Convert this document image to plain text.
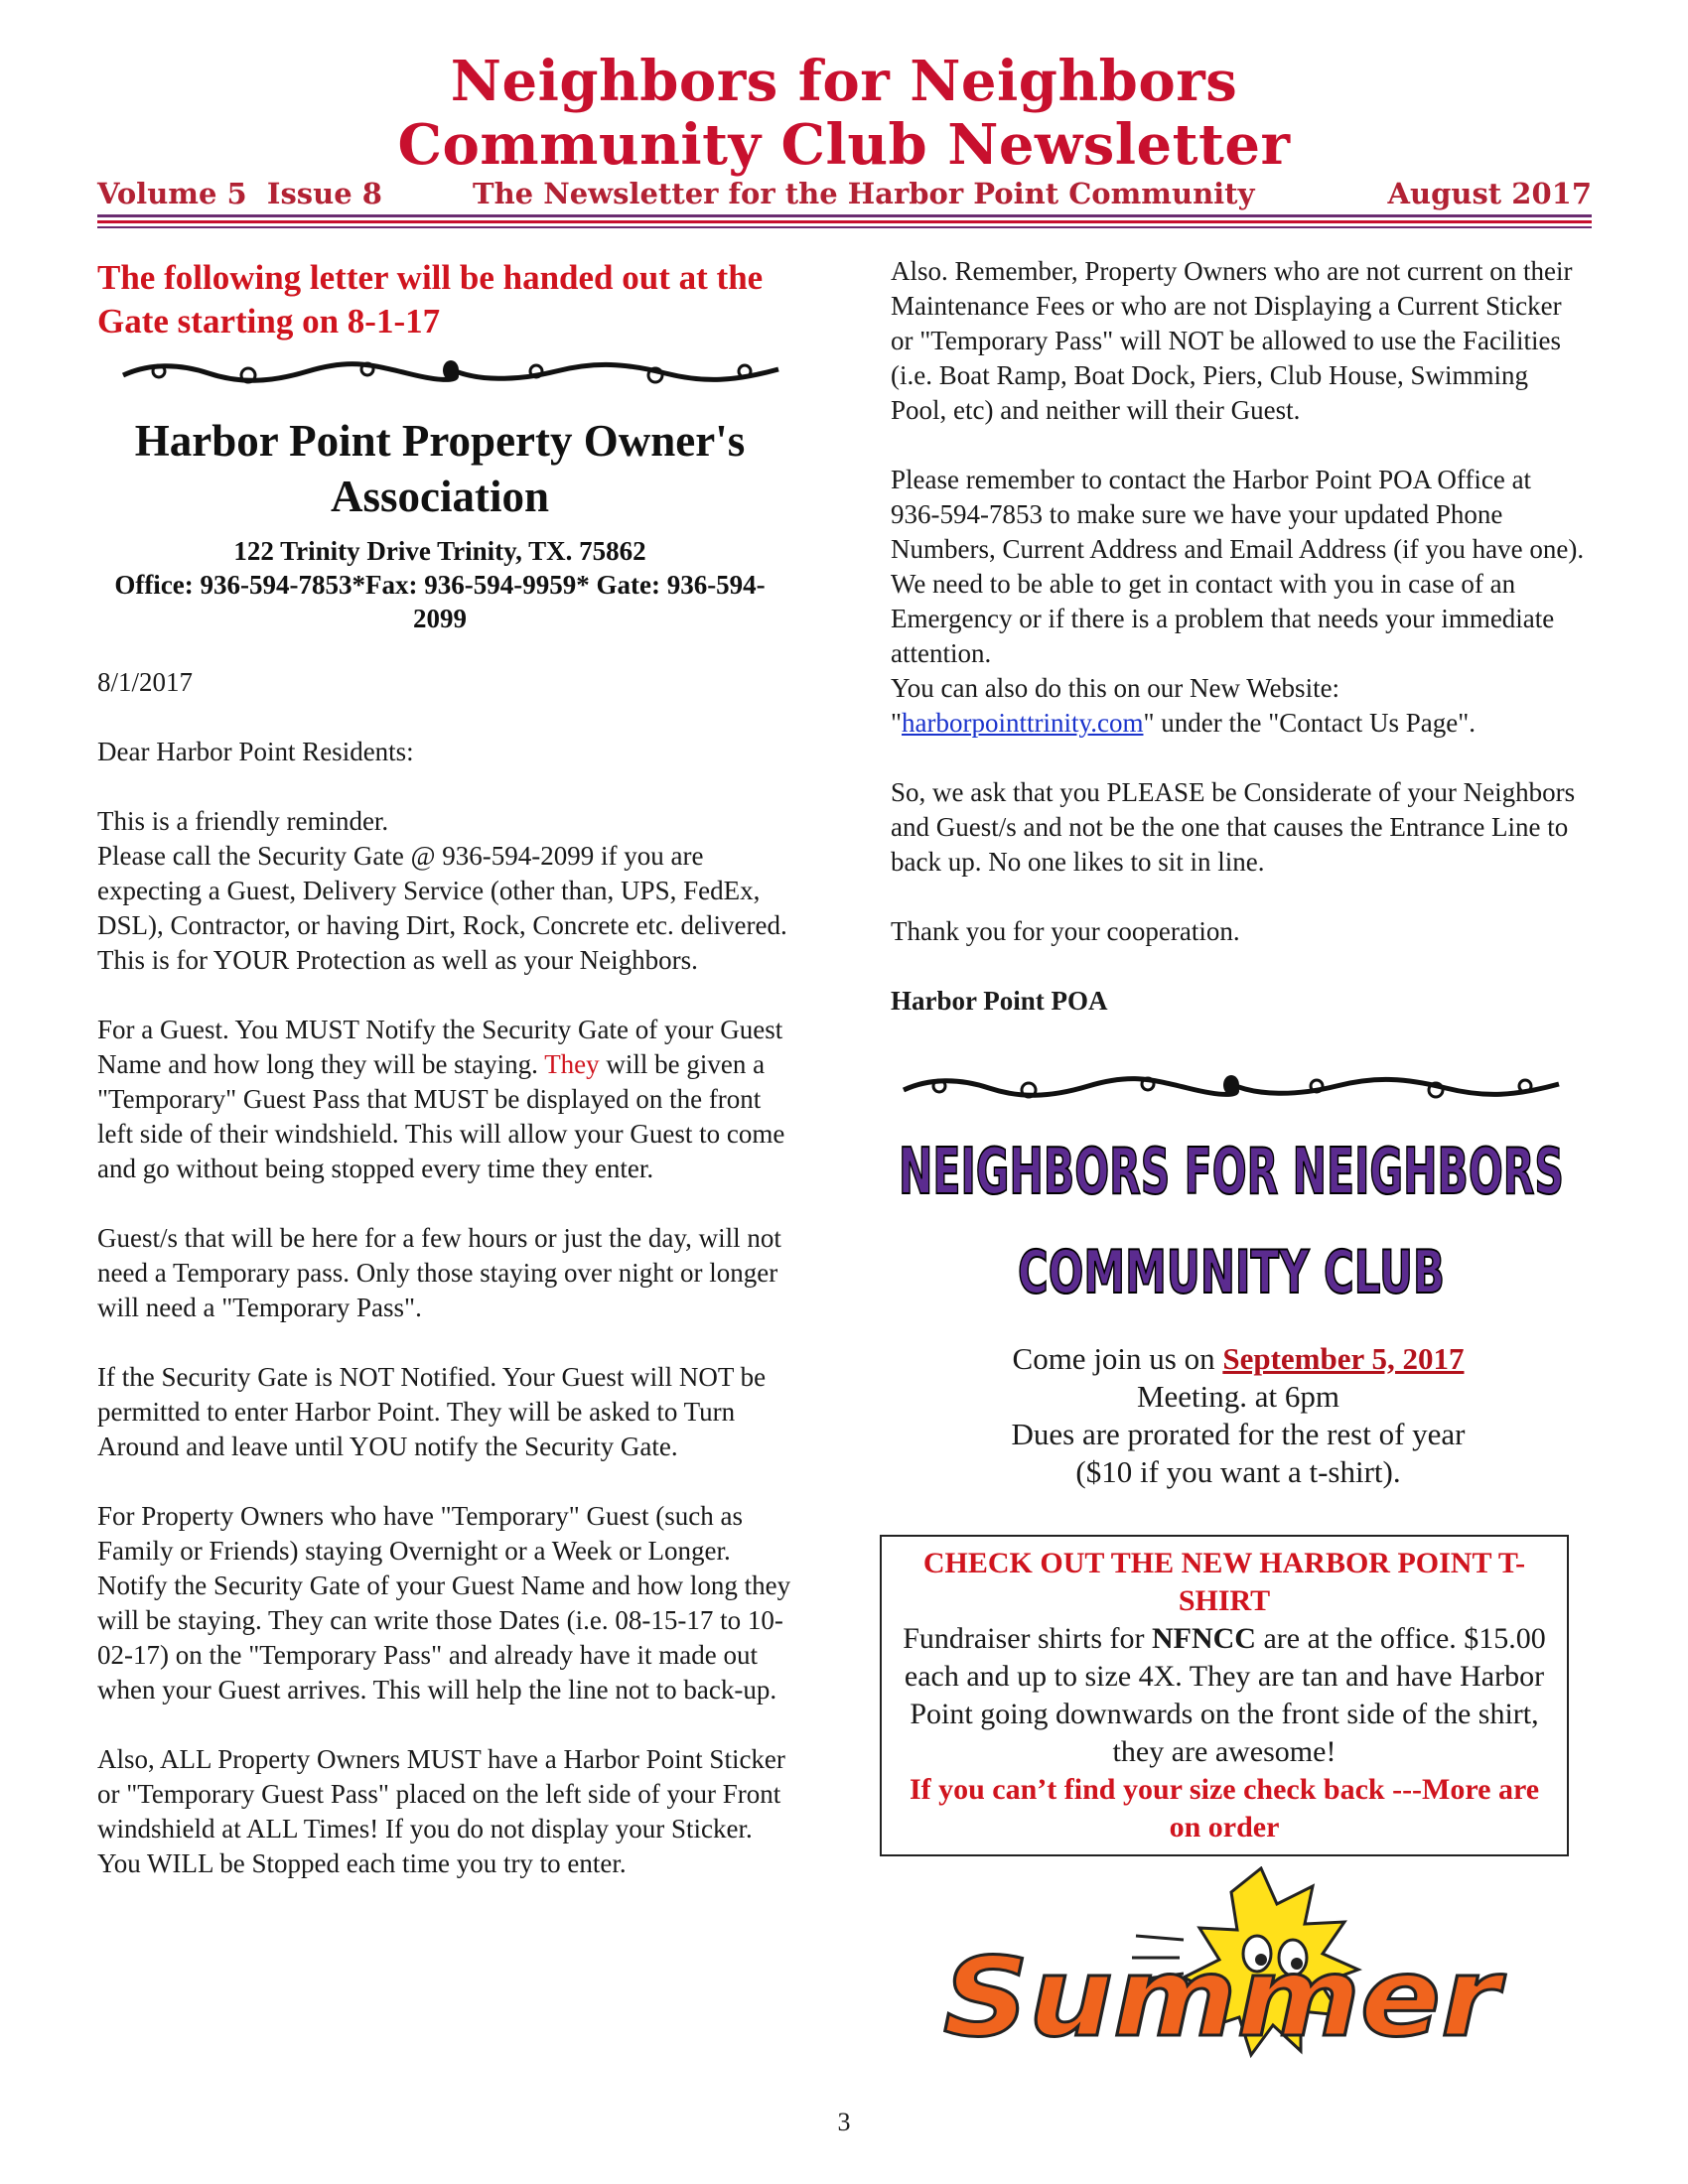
Neighbors for Neighbors
Community Club Newsletter
Volume 5 Issue 8	The Newsletter for the Harbor Point Community	August 2017
The following letter will be handed out at the Gate starting on 8-1-17
Harbor Point Property Owner's
Association
122 Trinity Drive Trinity, TX. 75862
Office: 936-594-7853*Fax: 936-594-9959* Gate: 936-594-2099

8/1/2017

Dear Harbor Point Residents:

This is a friendly reminder.

Please call the Security Gate @ 936-594-2099 if you are expecting a Guest, Delivery Service (other than, UPS, FedEx, DSL), Contractor, or having Dirt, Rock, Concrete etc. delivered. This is for YOUR Protection as well as your Neighbors.

For a Guest. You MUST Notify the Security Gate of your Guest Name and how long they will be staying. They will be given a "Temporary" Guest Pass that MUST be displayed on the front left side of their windshield. This will allow your Guest to come and go without being stopped every time they enter.

Guest/s that will be here for a few hours or just the day, will not need a Temporary pass. Only those staying over night or longer will need a "Temporary Pass".

If the Security Gate is NOT Notified. Your Guest will NOT be permitted to enter Harbor Point. They will be asked to Turn Around and leave until YOU notify the Security Gate.

For Property Owners who have "Temporary" Guest (such as Family or Friends) staying Overnight or a Week or Longer. Notify the Security Gate of your Guest Name and how long they will be staying. They can write those Dates (i.e. 08-15-17 to 10-02-17) on the "Temporary Pass" and already have it made out when your Guest arrives. This will help the line not to back-up.

Also, ALL Property Owners MUST have a Harbor Point Sticker or "Temporary Guest Pass" placed on the left side of your Front windshield at ALL Times! If you do not display your Sticker. You WILL be Stopped each time you try to enter.

Also. Remember, Property Owners who are not current on their Maintenance Fees or who are not Displaying a Current Sticker or "Temporary Pass" will NOT be allowed to use the Facilities (i.e. Boat Ramp, Boat Dock, Piers, Club House, Swimming Pool, etc) and neither will their Guest.

Please remember to contact the Harbor Point POA Office at 936-594-7853 to make sure we have your updated Phone Numbers, Current Address and Email Address (if you have one). We need to be able to get in contact with you in case of an Emergency or if there is a problem that needs your immediate attention.

You can also do this on our New Website: "harborpointtrinity.com" under the "Contact Us Page".

So, we ask that you PLEASE be Considerate of your Neighbors and Guest/s and not be the one that causes the Entrance Line to back up. No one likes to sit in line.

Thank you for your cooperation.

Harbor Point POA
NEIGHBORS FOR NEIGHBORS
COMMUNITY CLUB
Come join us on September 5, 2017
Meeting. at 6pm
Dues are prorated for the rest of year
($10 if you want a t-shirt).
CHECK OUT THE NEW HARBOR POINT T-SHIRT
Fundraiser shirts for NFNCC are at the office. $15.00 each and up to size 4X. They are tan and have Harbor Point going downwards on the front side of the shirt, they are awesome!
If you can’t find your size check back ---More are on order
Summer
3
